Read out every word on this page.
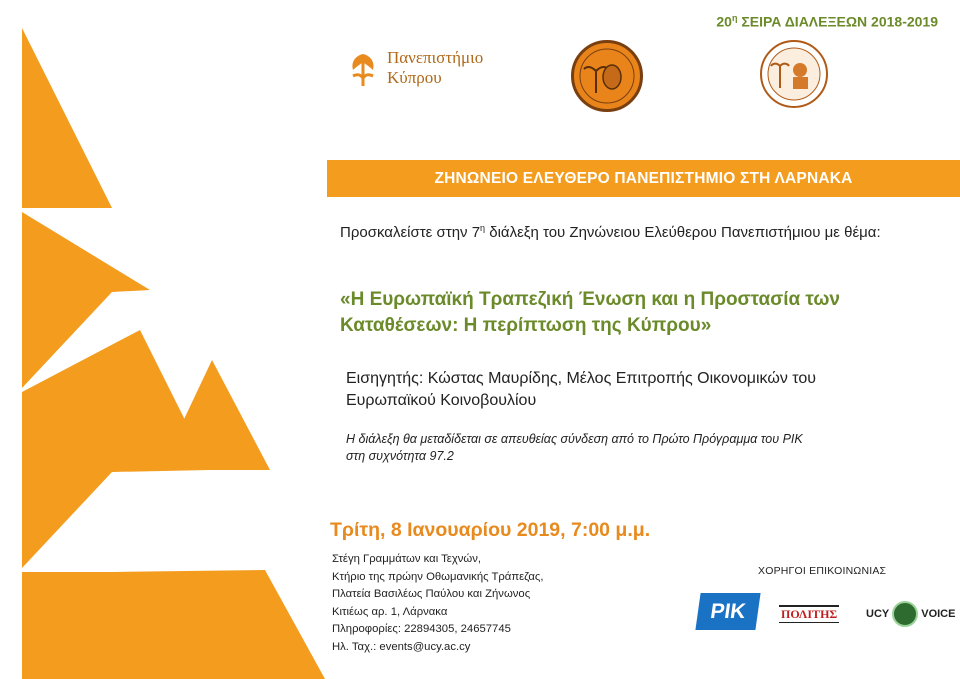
$20^\eta$ ΣΕΙΡΑ ΔΙΑΛΕΞΕΩΝ 2018-2019
Πανεπιστήμιο
Κύπρου
ΖΗΝΩΝΕΙΟ ΕΛΕΥΘΕΡΟ ΠΑΝΕΠΙΣΤΗΜΙΟ ΣΤΗ ΛΑΡΝΑΚΑ
Προσκαλείστε στην $7^\eta$ διάλεξη του Ζηνώνειου Ελεύθερου Πανεπιστήμιου με θέμα:
«Η Ευρωπαϊκή Τραπεζική Ένωση και η Προστασία των
Καταθέσεων: Η περίπτωση της Κύπρου»
Εισηγητής: Κώστας Μαυρίδης, Μέλος Επιτροπής Οικονομικών του
Ευρωπαϊκού Κοινοβουλίου
Η διάλεξη θα μεταδίδεται σε απευθείας σύνδεση από το Πρώτο Πρόγραμμα του ΡΙΚ
στη συχνότητα 97.2
Τρίτη, 8 Ιανουαρίου 2019, 7:00 μ.μ.
Στέγη Γραμμάτων και Τεχνών,
Κτήριο της πρώην Οθωμανικής Τράπεζας,
Πλατεία Βασιλέως Παύλου και Ζήνωνος
Κιτιέως αρ. 1, Λάρνακα
Πληροφορίες: 22894305, 24657745
Ηλ. Ταχ.: events@ucy.ac.cy
ΧΟΡΗΓΟΙ ΕΠΙΚΟΙΝΩΝΙΑΣ
ΡΙΚ	ΠΟΛΙΤΗΣ	UCY	VOICE
